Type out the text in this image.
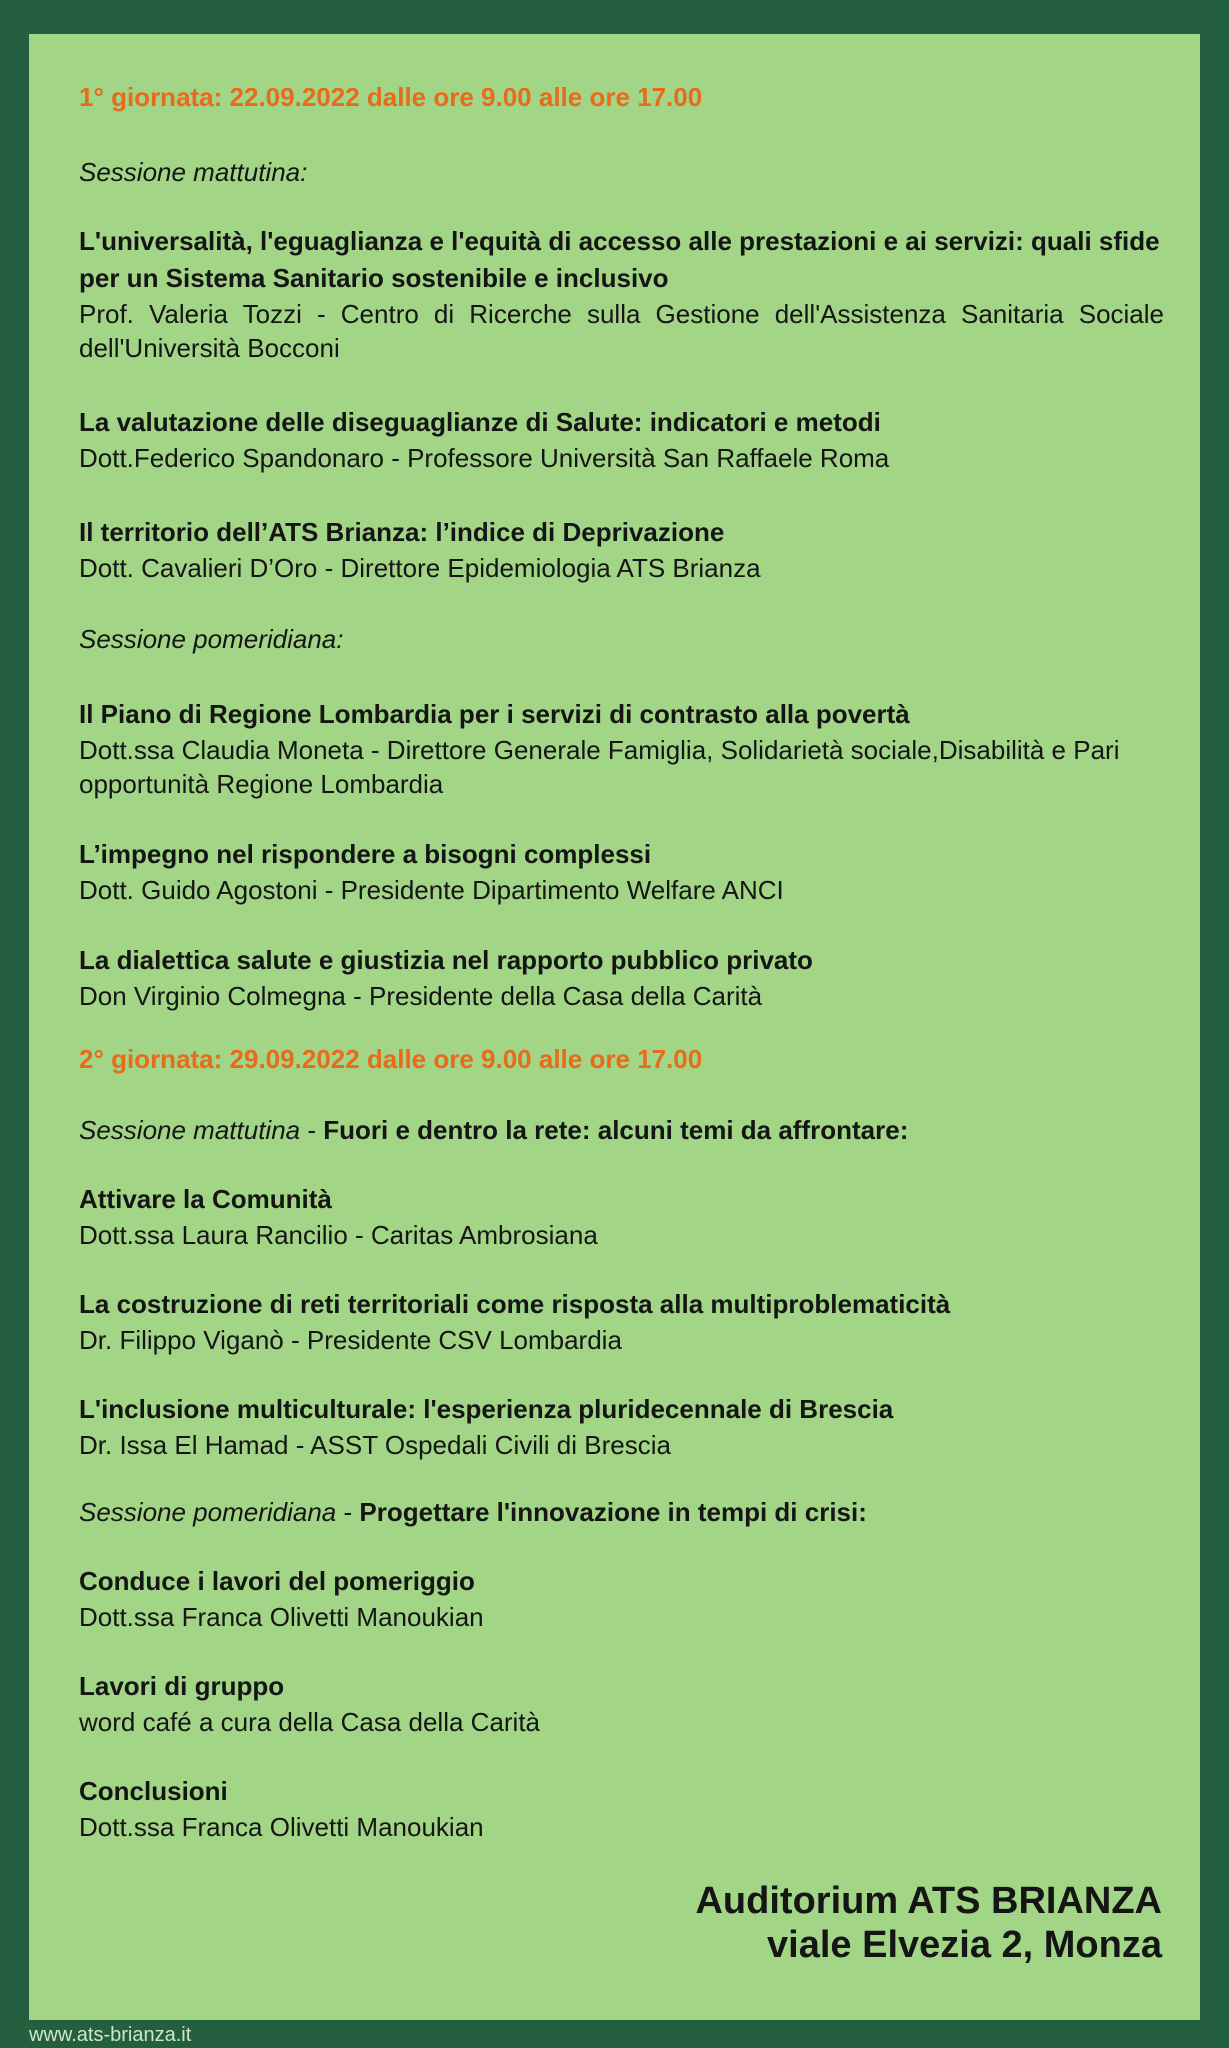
1° giornata: 22.09.2022 dalle ore 9.00 alle ore 17.00
Sessione mattutina:
L'universalità, l'eguaglianza e l'equità di accesso alle prestazioni e ai servizi: quali sfide per un Sistema Sanitario sostenibile e inclusivo
Prof. Valeria Tozzi - Centro di Ricerche sulla Gestione dell'Assistenza Sanitaria Sociale
dell'Università Bocconi
La valutazione delle diseguaglianze di Salute: indicatori e metodi
Dott.Federico Spandonaro - Professore Università San Raffaele Roma
Il territorio dell’ATS Brianza: l’indice di Deprivazione
Dott. Cavalieri D’Oro - Direttore Epidemiologia ATS Brianza
Sessione pomeridiana:
Il Piano di Regione Lombardia per i servizi di contrasto alla povertà
Dott.ssa Claudia Moneta - Direttore Generale Famiglia, Solidarietà sociale,Disabilità e Pari opportunità Regione Lombardia
L’impegno nel rispondere a bisogni complessi
Dott. Guido Agostoni - Presidente Dipartimento Welfare ANCI
La dialettica salute e giustizia nel rapporto pubblico privato
Don Virginio Colmegna - Presidente della Casa della Carità
2° giornata: 29.09.2022 dalle ore 9.00 alle ore 17.00
Sessione mattutina - Fuori e dentro la rete: alcuni temi da affrontare:
Attivare la Comunità
Dott.ssa Laura Rancilio - Caritas Ambrosiana
La costruzione di reti territoriali come risposta alla multiproblematicità
Dr. Filippo Viganò - Presidente CSV Lombardia
L'inclusione multiculturale: l'esperienza pluridecennale di Brescia
Dr. Issa El Hamad - ASST Ospedali Civili di Brescia
Sessione pomeridiana - Progettare l'innovazione in tempi di crisi:
Conduce i lavori del pomeriggio
Dott.ssa Franca Olivetti Manoukian
Lavori di gruppo
word café a cura della Casa della Carità
Conclusioni
Dott.ssa Franca Olivetti Manoukian
Auditorium ATS BRIANZA
viale Elvezia 2, Monza
www.ats-brianza.it
